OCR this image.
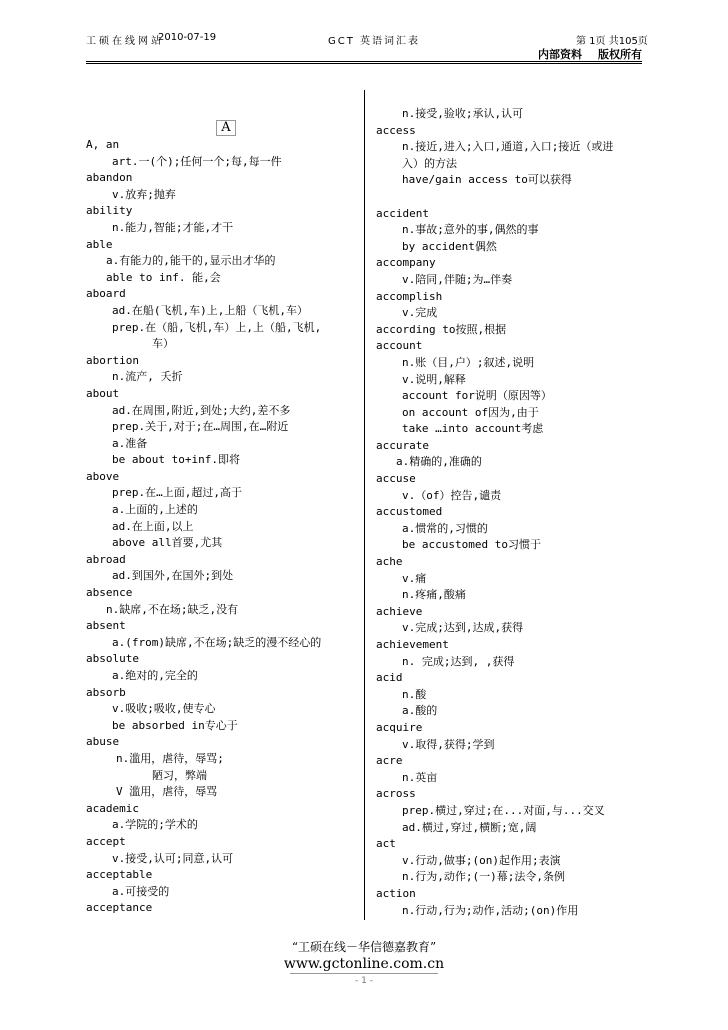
工硕在线网站
2010-07-19	GCT 英语词汇表	第 1页 共105页
内部资料 版权所有
A
A, an
art.一(个);任何一个;每,每一件
abandon
v.放弃;抛弃
ability
n.能力,智能;才能,才干
able
a.有能力的,能干的,显示出才华的
able to inf. 能,会
aboard
ad.在船(飞机,车)上,上船（飞机,车）
prep.在（船,飞机,车）上,上（船,飞机,
车）
abortion
n.流产, 夭折
about
ad.在周围,附近,到处;大约,差不多
prep.关于,对于;在…周围,在…附近
a.准备
be about to+inf.即将
above
prep.在…上面,超过,高于
a.上面的,上述的
ad.在上面,以上
above all首要,尤其
abroad
ad.到国外,在国外;到处
absence
n.缺席,不在场;缺乏,没有
absent
a.(from)缺席,不在场;缺乏的漫不经心的
absolute
a.绝对的,完全的
absorb
v.吸收;吸收,使专心
be absorbed in专心于
abuse
n.滥用，虐待，辱骂;
陋习，弊端
V 滥用，虐待，辱骂
academic
a.学院的;学术的
accept
v.接受,认可;同意,认可
acceptable
a.可接受的
acceptance
n.接受,验收;承认,认可
access
n.接近,进入;入口,通道,入口;接近（或进
入）的方法
have/gain access to可以获得
accident
n.事故;意外的事,偶然的事
by accident偶然
accompany
v.陪同,伴随;为…伴奏
accomplish
v.完成
according to按照,根据
account
n.账（目,户）;叙述,说明
v.说明,解释
account for说明（原因等）
on account of因为,由于
take …into account考虑
accurate
a.精确的,准确的
accuse
v.（of）控告,谴责
accustomed
a.惯常的,习惯的
be accustomed to习惯于
ache
v.痛
n.疼痛,酸痛
achieve
v.完成;达到,达成,获得
achievement
n. 完成;达到, ,获得
acid
n.酸
a.酸的
acquire
v.取得,获得;学到
acre
n.英亩
across
prep.横过,穿过;在...对面,与...交叉
ad.横过,穿过,横断;宽,阔
act
v.行动,做事;(on)起作用;表演
n.行为,动作;(一)幕;法令,条例
action
n.行动,行为;动作,活动;(on)作用
“工硕在线－华信德嘉教育”
www.gctonline.com.cn
- 1 -
